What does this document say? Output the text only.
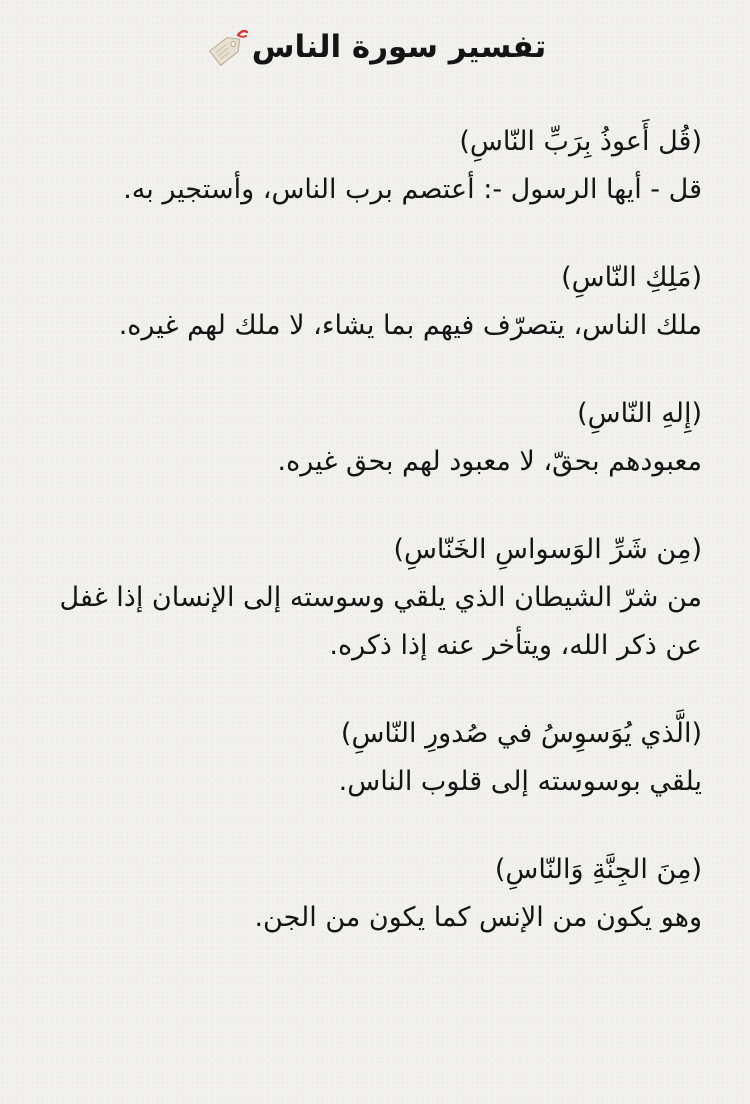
تفسير سورة الناس
(قُل أَعوذُ بِرَبِّ النّاسِ)
قل - أيها الرسول -: أعتصم برب الناس، وأستجير به.
(مَلِكِ النّاسِ)
ملك الناس، يتصرّف فيهم بما يشاء، لا ملك لهم غيره.
(إِلهِ النّاسِ)
معبودهم بحقّ، لا معبود لهم بحق غيره.
(مِن شَرِّ الوَسواسِ الخَنّاسِ)
من شرّ الشيطان الذي يلقي وسوسته إلى الإنسان إذا غفل عن ذكر الله، ويتأخر عنه إذا ذكره.
(الَّذي يُوَسوِسُ في صُدورِ النّاسِ)
يلقي بوسوسته إلى قلوب الناس.
(مِنَ الجِنَّةِ وَالنّاسِ)
وهو يكون من الإنس كما يكون من الجن.
